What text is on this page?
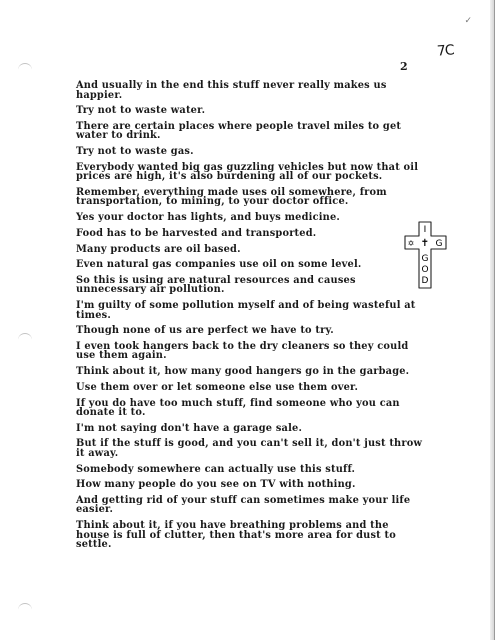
✓
7C
2

And usually in the end this stuff never really makes us happier.

Try not to waste water.

There are certain places where people travel miles to get water to drink.

Try not to waste gas.

Everybody wanted big gas guzzling vehicles but now that oil prices are high, it's also burdening all of our pockets.

Remember, everything made uses oil somewhere, from transportation, to mining, to your doctor office.

Yes your doctor has lights, and buys medicine.

Food has to be harvested and transported.

Many products are oil based.

Even natural gas companies use oil on some level.

So this is using are natural resources and causes unnecessary air pollution.

I'm guilty of some pollution myself and of being wasteful at times.

Though none of us are perfect we have to try.

I even took hangers back to the dry cleaners so they could use them again.

Think about it, how many good hangers go in the garbage.

Use them over or let someone else use them over.

If you do have too much stuff, find someone who you can donate it to.

I'm not saying don't have a garage sale.

But if the stuff is good, and you can't sell it, don't just throw it away.

Somebody somewhere can actually use this stuff.

How many people do you see on TV with nothing.

And getting rid of your stuff can sometimes make your life easier.

Think about it, if you have breathing problems and the house is full of clutter, then that's more area for dust to settle.

I
✡ ✝ G
G
O
D
